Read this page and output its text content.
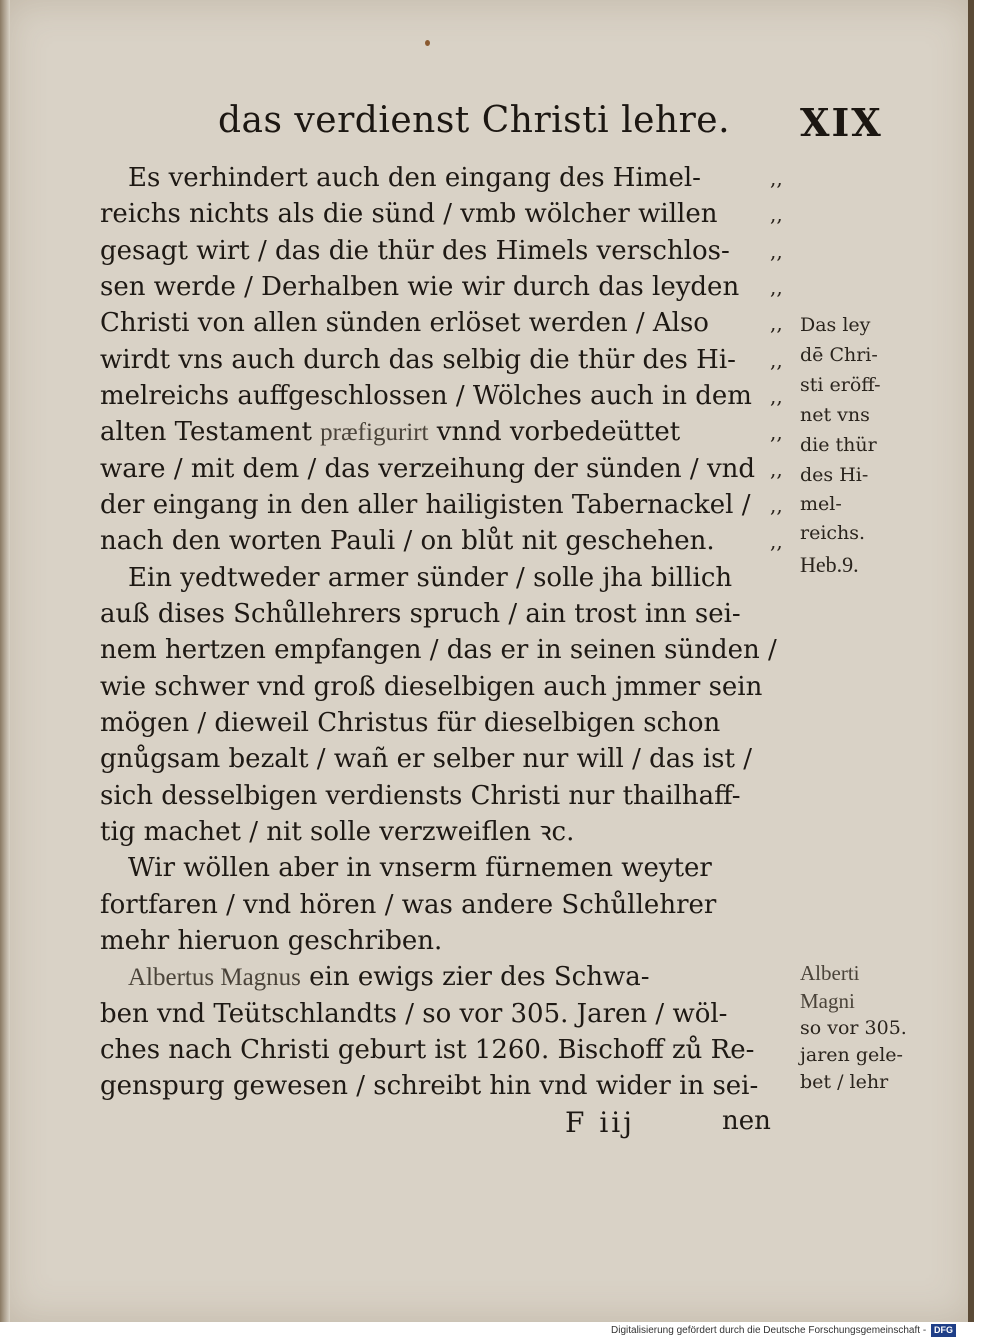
das verdienst Christi lehre. XIX
Es verhindert auch den eingang des Himel-	,,
reichs nichts als die sünd / vmb wölcher willen	,,
gesagt wirt / das die thür des Himels verschlos-	,,
sen werde / Derhalben wie wir durch das leyden	,,
Christi von allen sünden erlöset werden / Also	,,
wirdt vns auch durch das selbig die thür des Hi-	,,
melreichs auffgeschlossen / Wölches auch in dem ,,
alten Testament præfigurirt vnnd vorbedeüttet	,,
ware / mit dem / das verzeihung der sünden / vnd ,,
der eingang in den aller hailigisten Tabernackel / ,,
nach den worten Pauli / on blůt nit geschehen.	,,
Ein yedtweder armer sünder / solle jha billich
auß dises Schůllehrers spruch / ain trost inn sei-
nem hertzen empfangen / das er in seinen sünden /
wie schwer vnd groß dieselbigen auch jmmer sein
mögen / dieweil Christus für dieselbigen schon
gnůgsam bezalt / wañ er selber nur will / das ist /
sich desselbigen verdiensts Christi nur thailhaff-
tig machet / nit solle verzweiflen ꝛc.
Wir wöllen aber in vnserm fürnemen weyter
fortfaren / vnd hören / was andere Schůllehrer
mehr hieruon geschriben.
Albertus Magnus ein ewigs zier des Schwa-
ben vnd Teütschlandts / so vor 305. Jaren / wöl-
ches nach Christi geburt ist 1260. Bischoff zů Re-
genspurg gewesen / schreibt hin vnd wider in sei-
Das ley
dē Chri-
sti eröff-
net vns
die thür
des Hi-
mel-
reichs.
Heb.9.
Alberti
Magni
so vor 305.
jaren gele-
bet / lehr
F iij	nen
Digitalisierung gefördert durch die Deutsche Forschungsgemeinschaft - DFG
